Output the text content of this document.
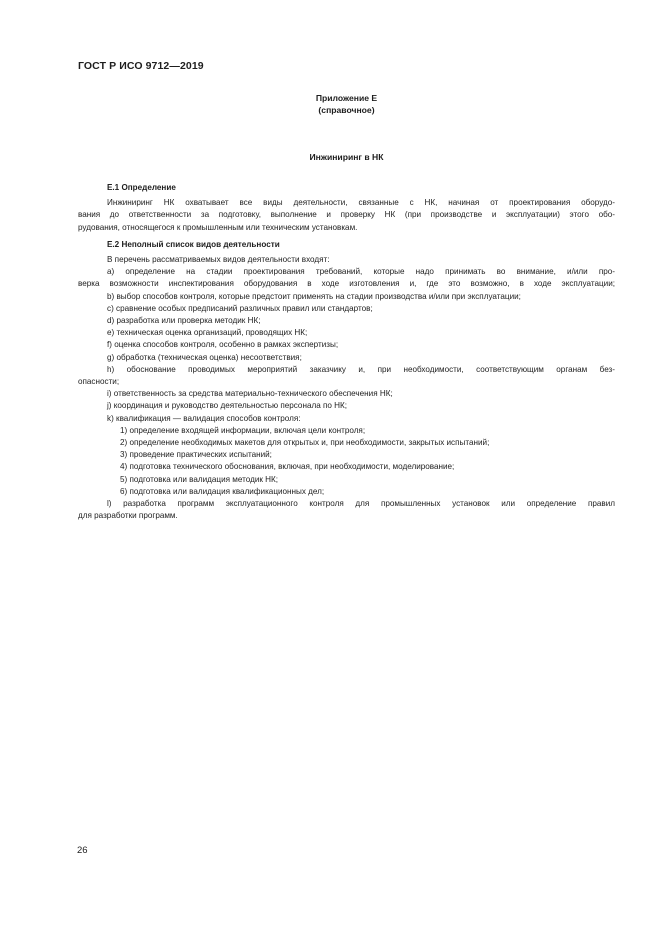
ГОСТ Р ИСО 9712—2019
Приложение Е
(справочное)
Инжиниринг в НК
Е.1 Определение
Инжиниринг НК охватывает все виды деятельности, связанные с НК, начиная от проектирования оборудо-
вания до ответственности за подготовку, выполнение и проверку НК (при производстве и эксплуатации) этого обо-
рудования, относящегося к промышленным или техническим установкам.
Е.2 Неполный список видов деятельности
В перечень рассматриваемых видов деятельности входят:
a) определение на стадии проектирования требований, которые надо принимать во внимание, и/или про-
верка возможности инспектирования оборудования в ходе изготовления и, где это возможно, в ходе эксплуатации;
b) выбор способов контроля, которые предстоит применять на стадии производства и/или при эксплуатации;
c) сравнение особых предписаний различных правил или стандартов;
d) разработка или проверка методик НК;
e) техническая оценка организаций, проводящих НК;
f) оценка способов контроля, особенно в рамках экспертизы;
g) обработка (техническая оценка) несоответствия;
h) обоснование проводимых мероприятий заказчику и, при необходимости, соответствующим органам без-
опасности;
i) ответственность за средства материально-технического обеспечения НК;
j) координация и руководство деятельностью персонала по НК;
k) квалификация — валидация способов контроля:
1) определение входящей информации, включая цели контроля;
2) определение необходимых макетов для открытых и, при необходимости, закрытых испытаний;
3) проведение практических испытаний;
4) подготовка технического обоснования, включая, при необходимости, моделирование;
5) подготовка или валидация методик НК;
6) подготовка или валидация квалификационных дел;
l) разработка программ эксплуатационного контроля для промышленных установок или определение правил
для разработки программ.
26
